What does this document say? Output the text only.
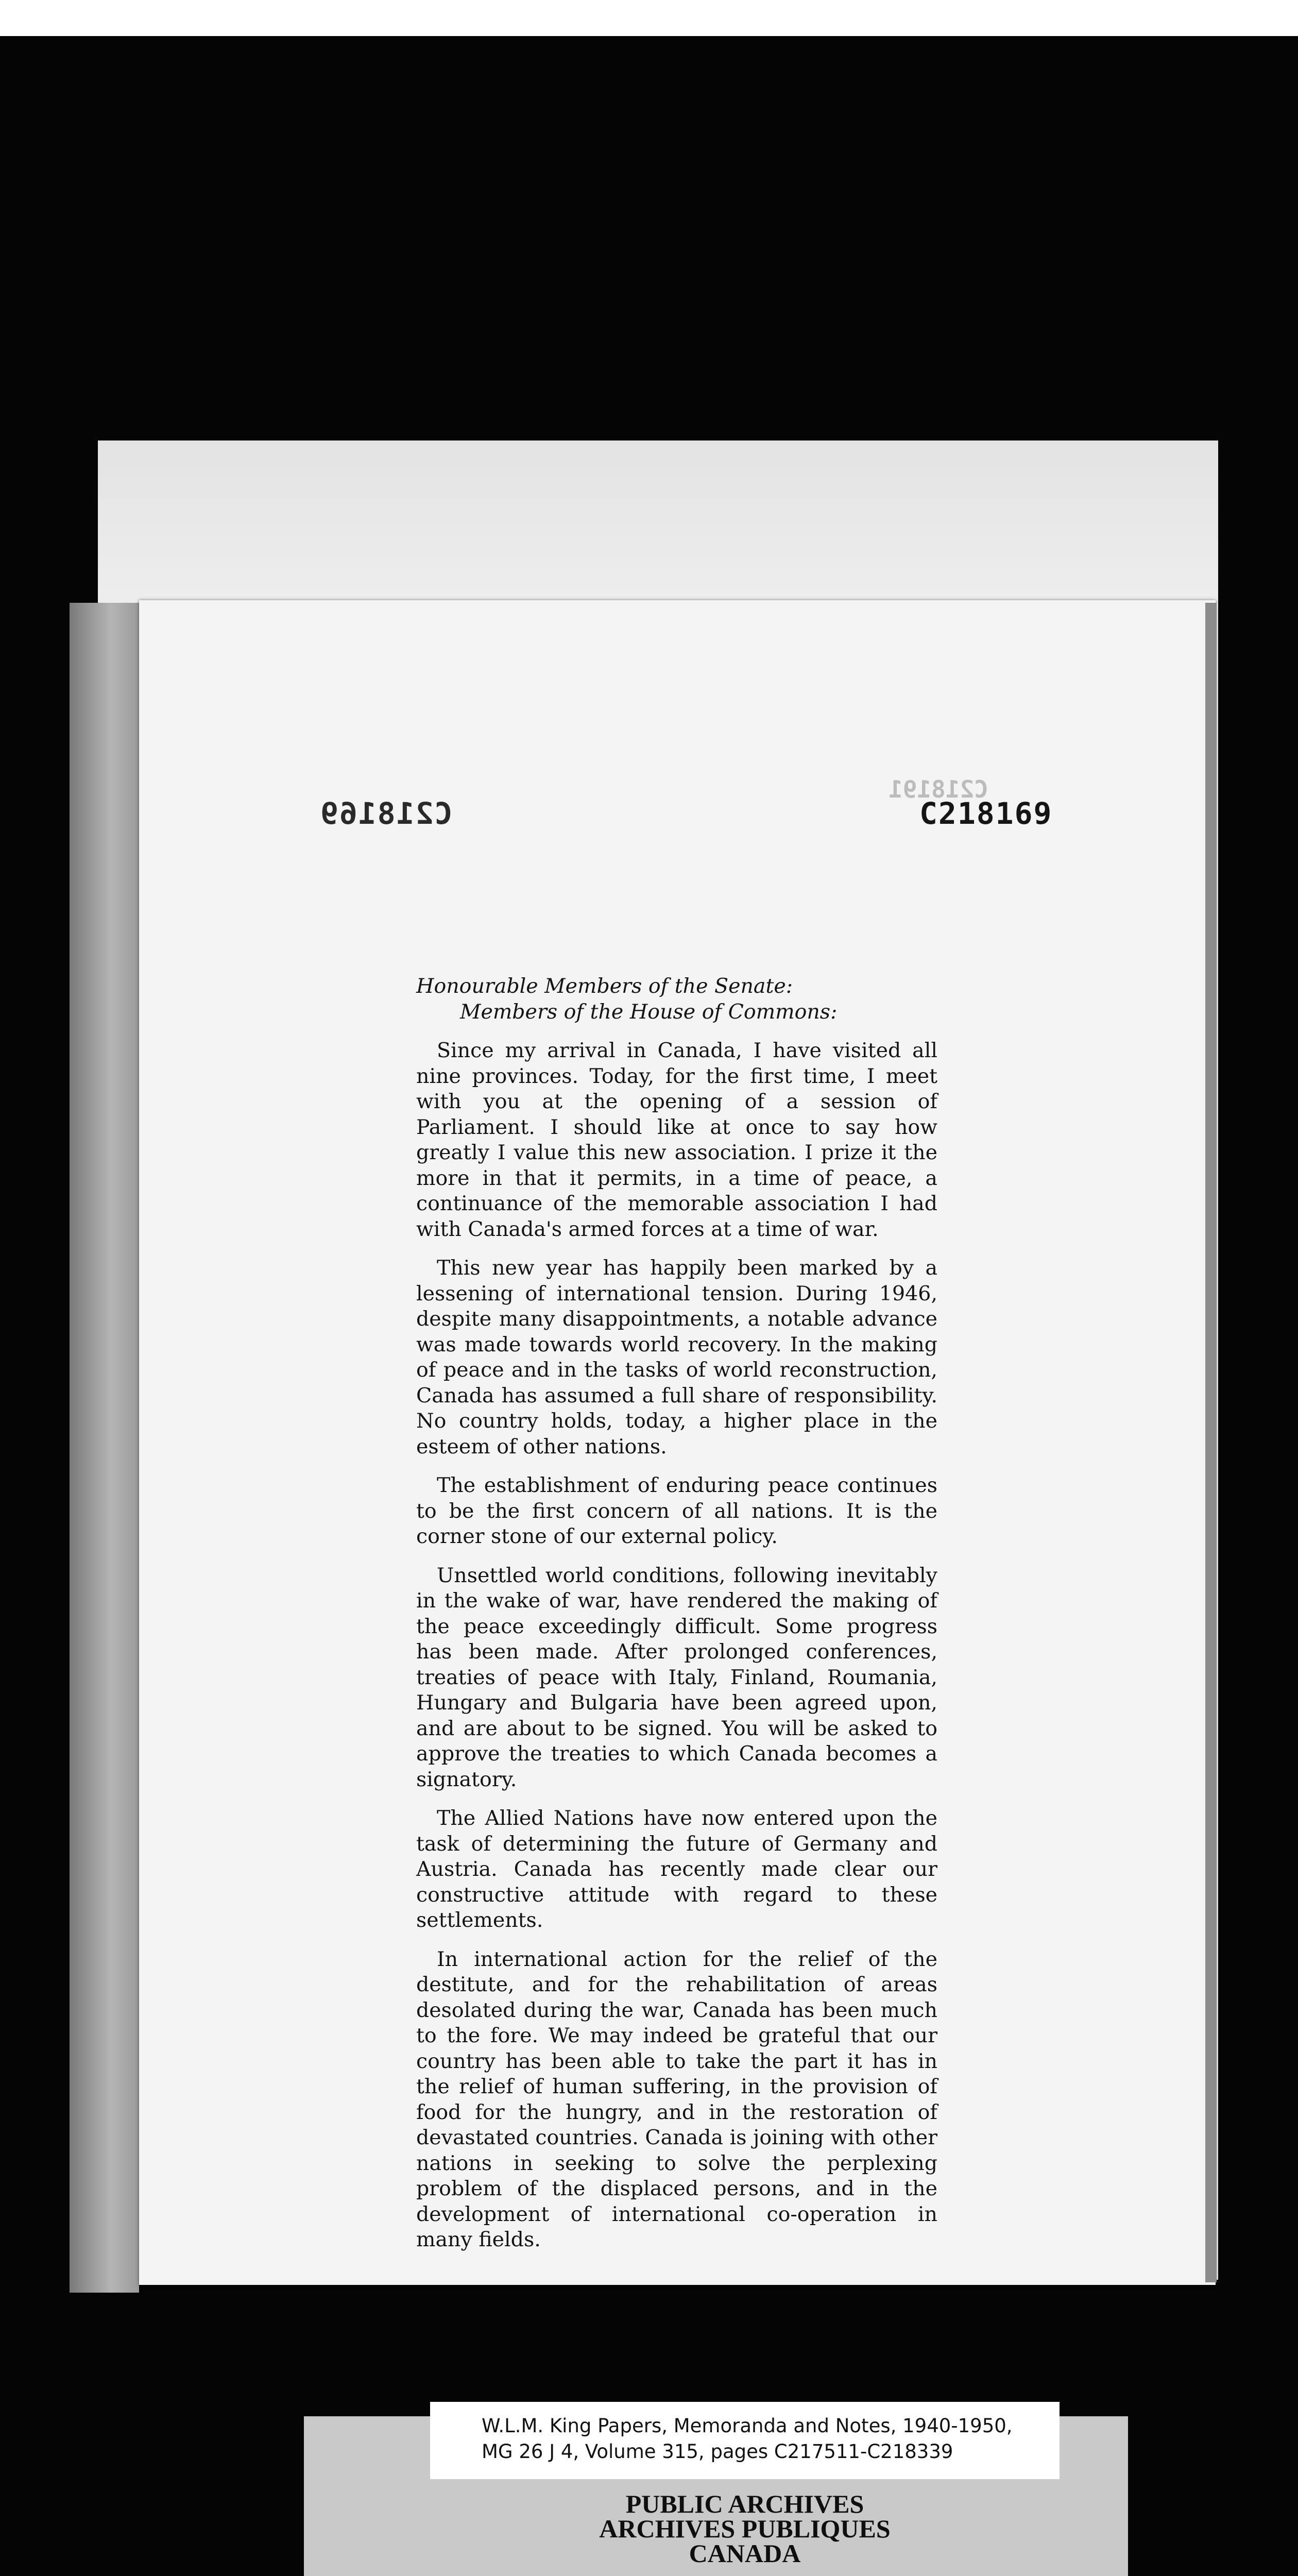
C218191
C218169	C218169

Honourable Members of the Senate:

Members of the House of Commons:

Since my arrival in Canada, I have visited all nine provinces. Today, for the first time, I meet with you at the opening of a session of Parliament. I should like at once to say how greatly I value this new association. I prize it the more in that it permits, in a time of peace, a continuance of the memorable association I had with Canada's armed forces at a time of war.

This new year has happily been marked by a lessening of international tension. During 1946, despite many disappointments, a notable advance was made towards world recovery. In the making of peace and in the tasks of world reconstruction, Canada has assumed a full share of responsibility. No country holds, today, a higher place in the esteem of other nations.

The establishment of enduring peace continues to be the first concern of all nations. It is the corner stone of our external policy.

Unsettled world conditions, following inevitably in the wake of war, have rendered the making of the peace exceedingly difficult. Some progress has been made. After prolonged conferences, treaties of peace with Italy, Finland, Roumania, Hungary and Bulgaria have been agreed upon, and are about to be signed. You will be asked to approve the treaties to which Canada becomes a signatory.

The Allied Nations have now entered upon the task of determining the future of Germany and Austria. Canada has recently made clear our constructive attitude with regard to these settlements.

In international action for the relief of the destitute, and for the rehabilitation of areas desolated during the war, Canada has been much to the fore. We may indeed be grateful that our country has been able to take the part it has in the relief of human suffering, in the provision of food for the hungry, and in the restoration of devastated countries. Canada is joining with other nations in seeking to solve the perplexing problem of the displaced persons, and in the development of international co-operation in many fields.

W.L.M. King Papers, Memoranda and Notes, 1940-1950,
MG 26 J 4, Volume 315, pages C217511-C218339
PUBLIC ARCHIVES
ARCHIVES PUBLIQUES
CANADA
